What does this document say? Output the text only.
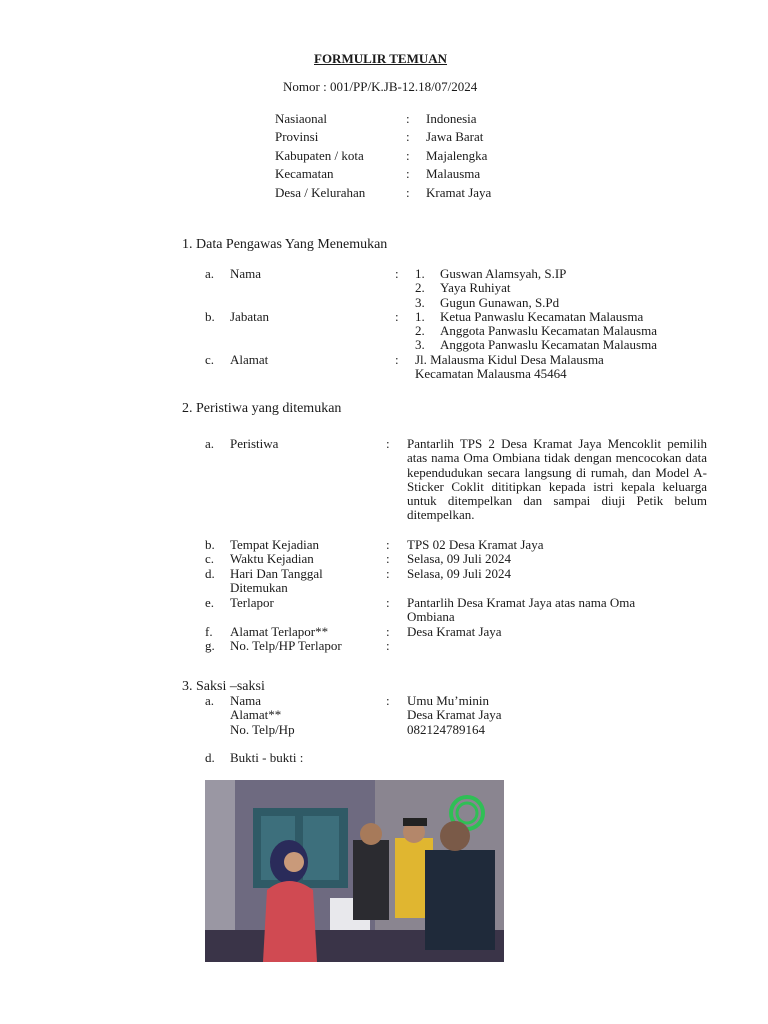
FORMULIR TEMUAN
Nomor : 001/PP/K.JB-12.18/07/2024
Nasiaonal	: Indonesia
Provinsi	: Jawa Barat
Kabupaten / kota	: Majalengka
Kecamatan	: Malausma
Desa / Kelurahan	: Kramat Jaya
1. Data Pengawas Yang Menemukan
a. Nama	: 1. Guswan Alamsyah, S.IP
2. Yaya Ruhiyat
3. Gugun Gunawan, S.Pd
b. Jabatan	: 1. Ketua Panwaslu Kecamatan Malausma
2. Anggota Panwaslu Kecamatan Malausma
3. Anggota Panwaslu Kecamatan Malausma
c. Alamat	: Jl. Malausma Kidul Desa Malausma
Kecamatan Malausma 45464
2. Peristiwa yang ditemukan
a. Peristiwa	: Pantarlih TPS 2 Desa Kramat Jaya Mencoklit pemilih atas nama Oma Ombiana tidak dengan mencocokan data kependudukan secara langsung di rumah, dan Model A-Sticker Coklit dititipkan kepada istri kepala keluarga untuk ditempelkan dan sampai diuji Petik belum ditempelkan.
b. Tempat Kejadian	: TPS 02 Desa Kramat Jaya
c. Waktu Kejadian	: Selasa, 09 Juli 2024
d. Hari Dan Tanggal
Ditemukan
: Selasa, 09 Juli 2024
e. Terlapor	: Pantarlih Desa Kramat Jaya atas nama Oma
Ombiana
f. Alamat Terlapor**	: Desa Kramat Jaya
g. No. Telp/HP Terlapor	:
3. Saksi –saksi
a. Nama	: Umu Mu’minin
Alamat**	Desa Kramat Jaya
No. Telp/Hp	082124789164
d. Bukti - bukti :
